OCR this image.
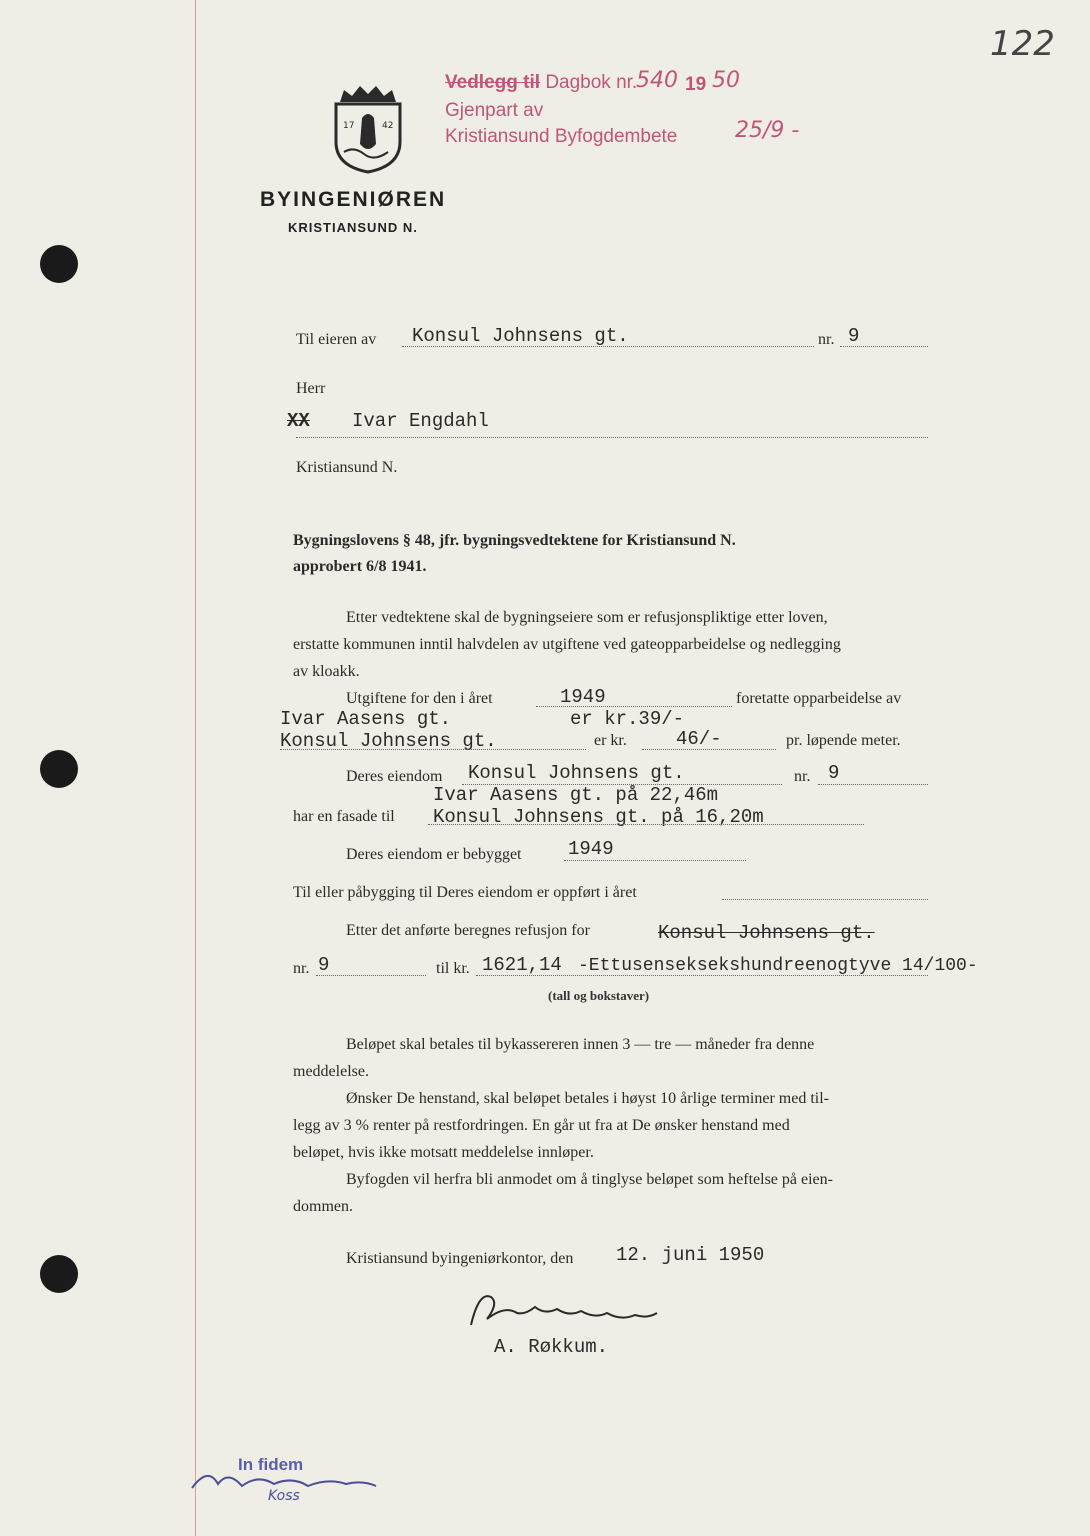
122
Vedlegg til Dagbok nr.
540 19 50
Gjenpart av
Kristiansund Byfogdembete	25/9 -
17	42
BYINGENIØREN
KRISTIANSUND N.
Til eieren av Konsul Johnsens gt.	nr. 9
Herr
XX Ivar Engdahl
Kristiansund N.
Bygningslovens § 48, jfr. bygningsvedtektene for Kristiansund N.
approbert 6/8 1941.
Etter vedtektene skal de bygningseiere som er refusjonspliktige etter loven,
erstatte kommunen inntil halvdelen av utgiftene ved gateopparbeidelse og nedlegging
av kloakk.
Utgiftene for den i året	1949	foretatte opparbeidelse av
Ivar Aasens gt.	er kr.39/-
Konsul Johnsens gt.	er kr.	46/-	pr. løpende meter.
Deres eiendom Konsul Johnsens gt.	nr. 9
Ivar Aasens gt. på 22,46m
har en fasade til Konsul Johnsens gt. på 16,20m
Deres eiendom er bebygget 1949
Til eller påbygging til Deres eiendom er oppført i året
Etter det anførte beregnes refusjon for	Konsul Johnsens gt.
nr. 9	til kr. 1621,14 -Ettusenseksekshundreenogtyve 14/100-
(tall og bokstaver)
Beløpet skal betales til bykassereren innen 3 — tre — måneder fra denne
meddelelse.
Ønsker De henstand, skal beløpet betales i høyst 10 årlige terminer med til-
legg av 3 % renter på restfordringen. En går ut fra at De ønsker henstand med
beløpet, hvis ikke motsatt meddelelse innløper.
Byfogden vil herfra bli anmodet om å tinglyse beløpet som heftelse på eien-
dommen.
Kristiansund byingeniørkontor, den 12. juni 1950
A. Røkkum.
In fidem
Koss
